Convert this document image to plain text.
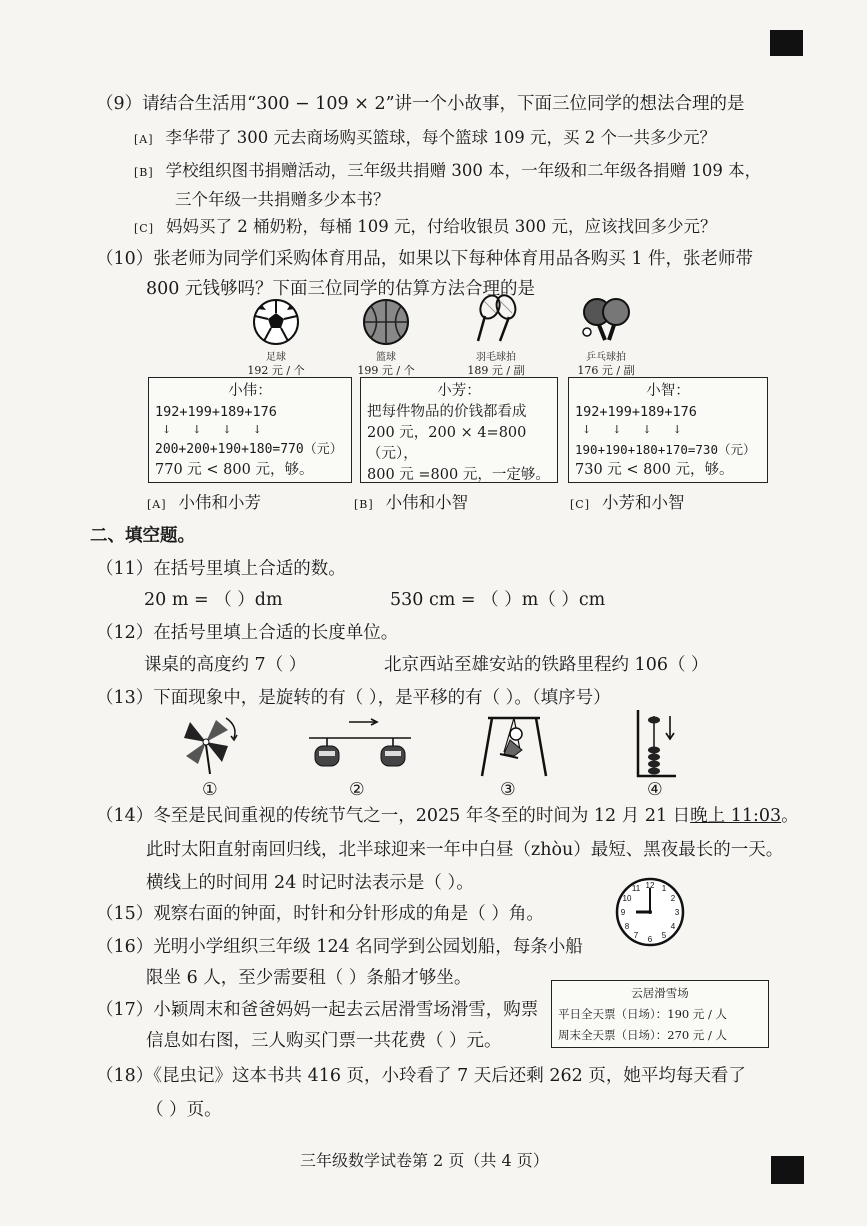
（9）请结合生活用“300 − 109 × 2”讲一个小故事，下面三位同学的想法合理的是
[A] 李华带了 300 元去商场购买篮球，每个篮球 109 元，买 2 个一共多少元？
[B] 学校组织图书捐赠活动，三年级共捐赠 300 本，一年级和二年级各捐赠 109 本，
三个年级一共捐赠多少本书？
[C] 妈妈买了 2 桶奶粉，每桶 109 元，付给收银员 300 元，应该找回多少元？
（10）张老师为同学们采购体育用品，如果以下每种体育用品各购买 1 件，张老师带
800 元钱够吗？下面三位同学的估算方法合理的是
足球
192 元 / 个
篮球
199 元 / 个
羽毛球拍
189 元 / 副
乒乓球拍
176 元 / 副
小伟：
192+199+189+176
↓      ↓      ↓      ↓
200+200+190+180=770（元）
770 元 < 800 元，够。
小芳：
把每件物品的价钱都看成
200 元，200 × 4=800（元），
800 元 =800 元，一定够。
小智：
192+199+189+176
↓      ↓      ↓      ↓
190+190+180+170=730（元）
730 元 < 800 元，够。
[A] 小伟和小芳	[B] 小伟和小智	[C] 小芳和小智
二、填空题。
（11）在括号里填上合适的数。
20 m = （ ）dm	530 cm = （ ）m（ ）cm
（12）在括号里填上合适的长度单位。
课桌的高度约 7（ ）	北京西站至雄安站的铁路里程约 106（ ）
（13）下面现象中，是旋转的有（ ），是平移的有（ ）。（填序号）
①	②	③	④
（14）冬至是民间重视的传统节气之一，2025 年冬至的时间为 12 月 21 日晚上 11:03。
此时太阳直射南回归线，北半球迎来一年中白昼（zhòu）最短、黑夜最长的一天。
横线上的时间用 24 时记时法表示是（ ）。
（15）观察右面的钟面，时针和分针形成的角是（ ）角。
12 1
2
3
4
5
6
7
8
9
10
11
（16）光明小学组织三年级 124 名同学到公园划船，每条小船
限坐 6 人，至少需要租（ ）条船才够坐。
（17）小颖周末和爸爸妈妈一起去云居滑雪场滑雪，购票
信息如右图，三人购买门票一共花费（ ）元。
云居滑雪场
平日全天票（日场）：190 元 / 人
周末全天票（日场）：270 元 / 人
（18）《昆虫记》这本书共 416 页，小玲看了 7 天后还剩 262 页，她平均每天看了
（ ）页。
三年级数学试卷第 2 页（共 4 页）
